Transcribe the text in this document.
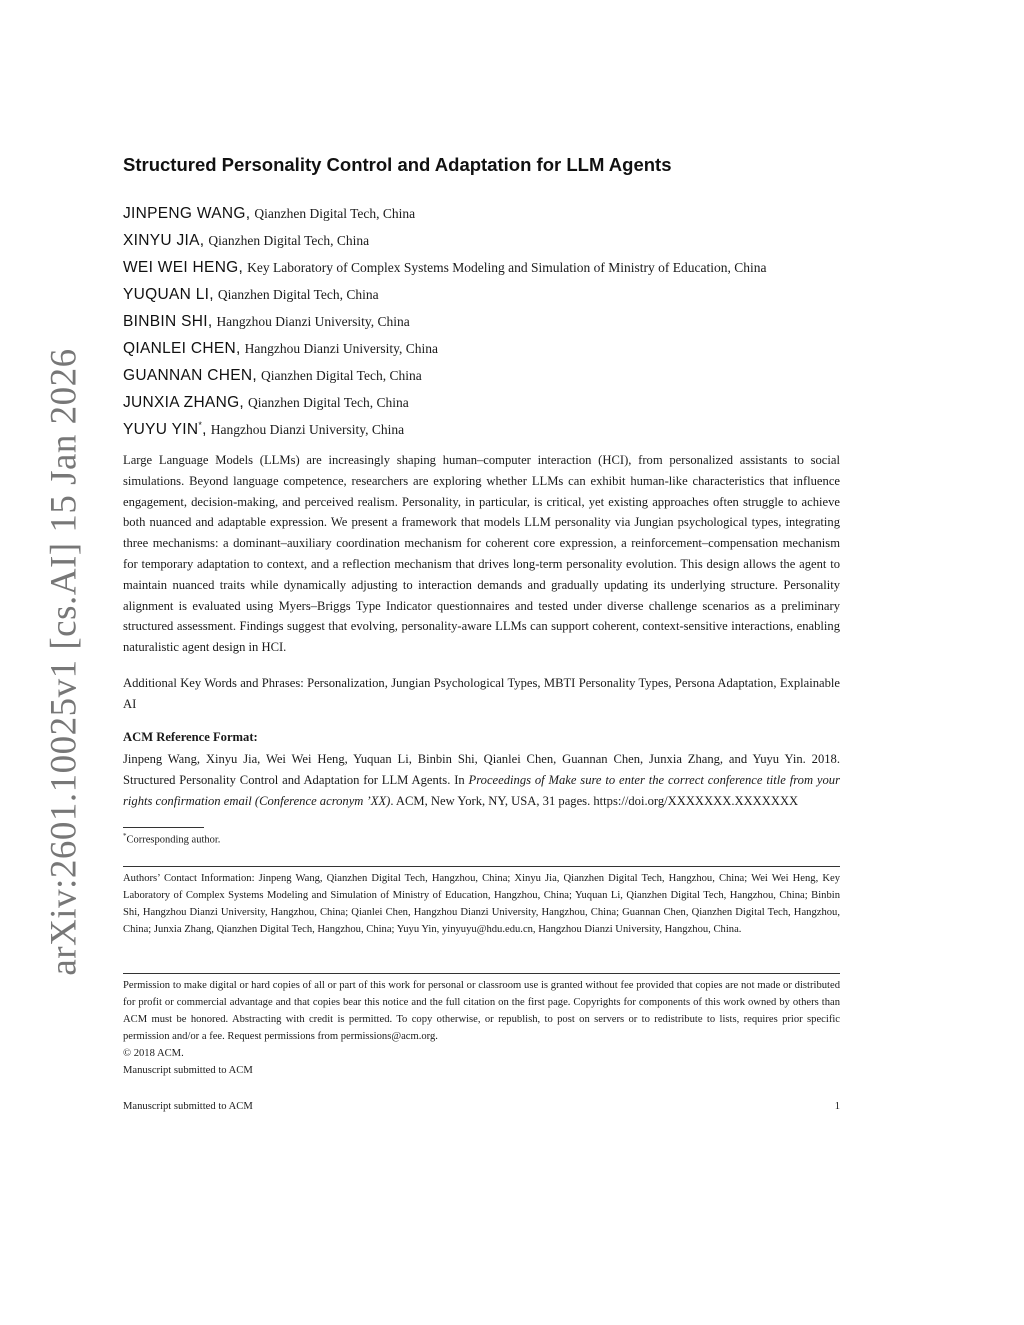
arXiv:2601.10025v1 [cs.AI] 15 Jan 2026
Structured Personality Control and Adaptation for LLM Agents
JINPENG WANG, Qianzhen Digital Tech, China
XINYU JIA, Qianzhen Digital Tech, China
WEI WEI HENG, Key Laboratory of Complex Systems Modeling and Simulation of Ministry of Education, China
YUQUAN LI, Qianzhen Digital Tech, China
BINBIN SHI, Hangzhou Dianzi University, China
QIANLEI CHEN, Hangzhou Dianzi University, China
GUANNAN CHEN, Qianzhen Digital Tech, China
JUNXIA ZHANG, Qianzhen Digital Tech, China
YUYU YIN*, Hangzhou Dianzi University, China

Large Language Models (LLMs) are increasingly shaping human–computer interaction (HCI), from personalized assistants to social simulations. Beyond language competence, researchers are exploring whether LLMs can exhibit human-like characteristics that influence engagement, decision-making, and perceived realism. Personality, in particular, is critical, yet existing approaches often struggle to achieve both nuanced and adaptable expression. We present a framework that models LLM personality via Jungian psychological types, integrating three mechanisms: a dominant–auxiliary coordination mechanism for coherent core expression, a reinforcement–compensation mechanism for temporary adaptation to context, and a reflection mechanism that drives long-term personality evolution. This design allows the agent to maintain nuanced traits while dynamically adjusting to interaction demands and gradually updating its underlying structure. Personality alignment is evaluated using Myers–Briggs Type Indicator questionnaires and tested under diverse challenge scenarios as a preliminary structured assessment. Findings suggest that evolving, personality-aware LLMs can support coherent, context-sensitive interactions, enabling naturalistic agent design in HCI.

Additional Key Words and Phrases: Personalization, Jungian Psychological Types, MBTI Personality Types, Persona Adaptation, Explainable AI

ACM Reference Format:

Jinpeng Wang, Xinyu Jia, Wei Wei Heng, Yuquan Li, Binbin Shi, Qianlei Chen, Guannan Chen, Junxia Zhang, and Yuyu Yin. 2018. Structured Personality Control and Adaptation for LLM Agents. In Proceedings of Make sure to enter the correct conference title from your rights confirmation email (Conference acronym ’XX). ACM, New York, NY, USA, 31 pages. https://doi.org/XXXXXXX.XXXXXXX

*Corresponding author.

Authors’ Contact Information: Jinpeng Wang, Qianzhen Digital Tech, Hangzhou, China; Xinyu Jia, Qianzhen Digital Tech, Hangzhou, China; Wei Wei Heng, Key Laboratory of Complex Systems Modeling and Simulation of Ministry of Education, Hangzhou, China; Yuquan Li, Qianzhen Digital Tech, Hangzhou, China; Binbin Shi, Hangzhou Dianzi University, Hangzhou, China; Qianlei Chen, Hangzhou Dianzi University, Hangzhou, China; Guannan Chen, Qianzhen Digital Tech, Hangzhou, China; Junxia Zhang, Qianzhen Digital Tech, Hangzhou, China; Yuyu Yin, yinyuyu@hdu.edu.cn, Hangzhou Dianzi University, Hangzhou, China.

Permission to make digital or hard copies of all or part of this work for personal or classroom use is granted without fee provided that copies are not made or distributed for profit or commercial advantage and that copies bear this notice and the full citation on the first page. Copyrights for components of this work owned by others than ACM must be honored. Abstracting with credit is permitted. To copy otherwise, or republish, to post on servers or to redistribute to lists, requires prior specific permission and/or a fee. Request permissions from permissions@acm.org.

© 2018 ACM.
Manuscript submitted to ACM
Manuscript submitted to ACM	1
